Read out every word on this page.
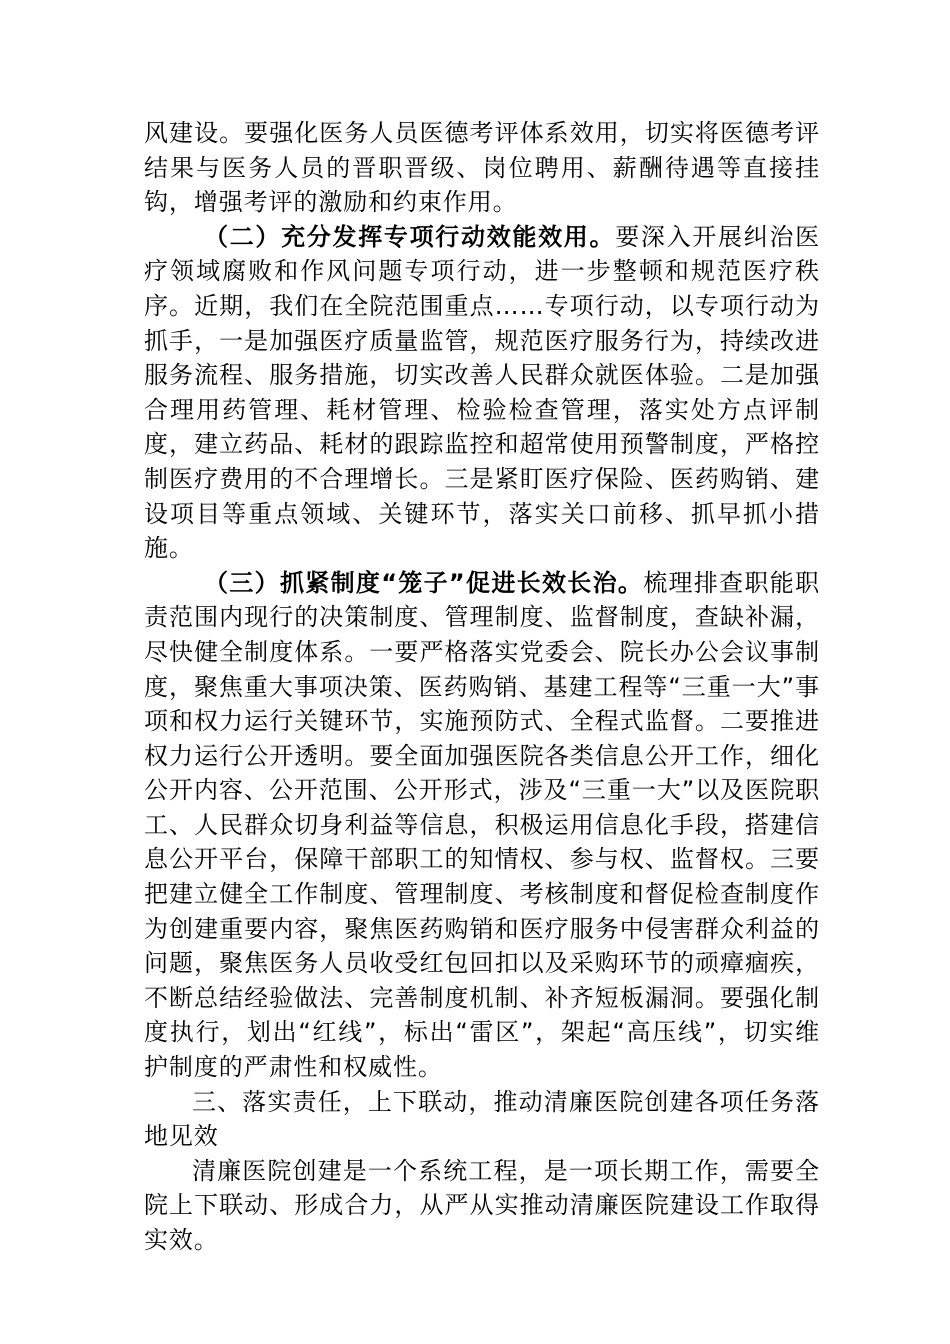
风建设。要强化医务人员医德考评体系效用，切实将医德考评结果与医务人员的晋职晋级、岗位聘用、薪酬待遇等直接挂钩，增强考评的激励和约束作用。

（二）充分发挥专项行动效能效用。要深入开展纠治医疗领域腐败和作风问题专项行动，进一步整顿和规范医疗秩序。近期，我们在全院范围重点……专项行动，以专项行动为抓手，一是加强医疗质量监管，规范医疗服务行为，持续改进服务流程、服务措施，切实改善人民群众就医体验。二是加强合理用药管理、耗材管理、检验检查管理，落实处方点评制度，建立药品、耗材的跟踪监控和超常使用预警制度，严格控制医疗费用的不合理增长。三是紧盯医疗保险、医药购销、建设项目等重点领域、关键环节，落实关口前移、抓早抓小措施。

（三）抓紧制度“笼子”促进长效长治。梳理排查职能职责范围内现行的决策制度、管理制度、监督制度，查缺补漏，尽快健全制度体系。一要严格落实党委会、院长办公会议事制度，聚焦重大事项决策、医药购销、基建工程等“三重一大”事项和权力运行关键环节，实施预防式、全程式监督。二要推进权力运行公开透明。要全面加强医院各类信息公开工作，细化公开内容、公开范围、公开形式，涉及“三重一大”以及医院职工、人民群众切身利益等信息，积极运用信息化手段，搭建信息公开平台，保障干部职工的知情权、参与权、监督权。三要把建立健全工作制度、管理制度、考核制度和督促检查制度作为创建重要内容，聚焦医药购销和医疗服务中侵害群众利益的问题，聚焦医务人员收受红包回扣以及采购环节的顽瘴痼疾，不断总结经验做法、完善制度机制、补齐短板漏洞。要强化制度执行，划出“红线”，标出“雷区”，架起“高压线”，切实维护制度的严肃性和权威性。

三、落实责任，上下联动，推动清廉医院创建各项任务落地见效

清廉医院创建是一个系统工程，是一项长期工作，需要全院上下联动、形成合力，从严从实推动清廉医院建设工作取得实效。
